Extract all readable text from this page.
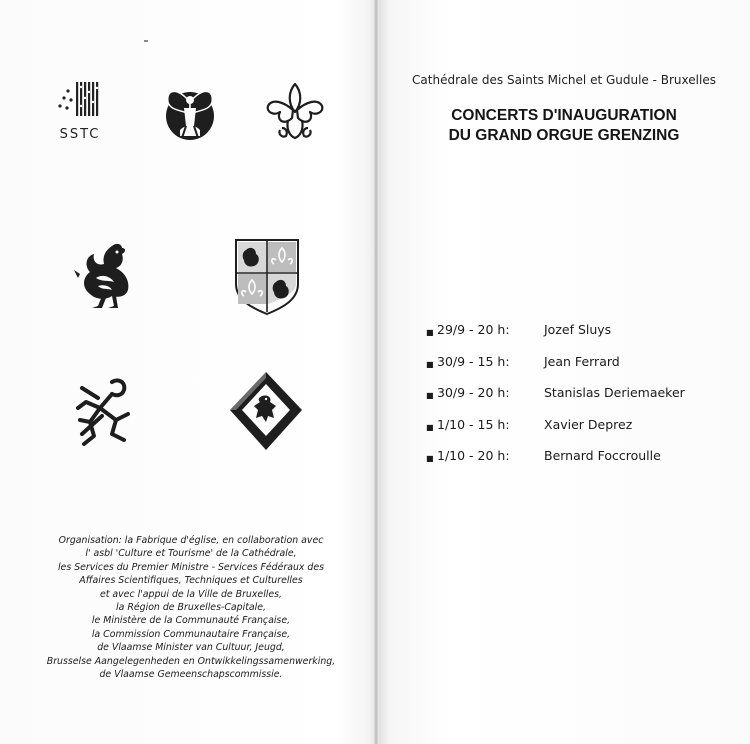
SSTC
Organisation: la Fabrique d'église, en collaboration avec
l' asbl 'Culture et Tourisme' de la Cathédrale,
les Services du Premier Ministre - Services Fédéraux des
Affaires Scientifiques, Techniques et Culturelles
et avec l'appui de la Ville de Bruxelles,
la Région de Bruxelles-Capitale,
le Ministère de la Communauté Française,
la Commission Communautaire Française,
de Vlaamse Minister van Cultuur, Jeugd,
Brusselse Aangelegenheden en Ontwikkelingssamenwerking,
de Vlaamse Gemeenschapscommissie.
Cathédrale des Saints Michel et Gudule - Bruxelles
CONCERTS D'INAUGURATION
DU GRAND ORGUE GRENZING
■ 29/9 - 20 h:	Jozef Sluys
■ 30/9 - 15 h:	Jean Ferrard
■ 30/9 - 20 h:	Stanislas Deriemaeker
■ 1/10 - 15 h:	Xavier Deprez
■ 1/10 - 20 h:	Bernard Foccroulle
